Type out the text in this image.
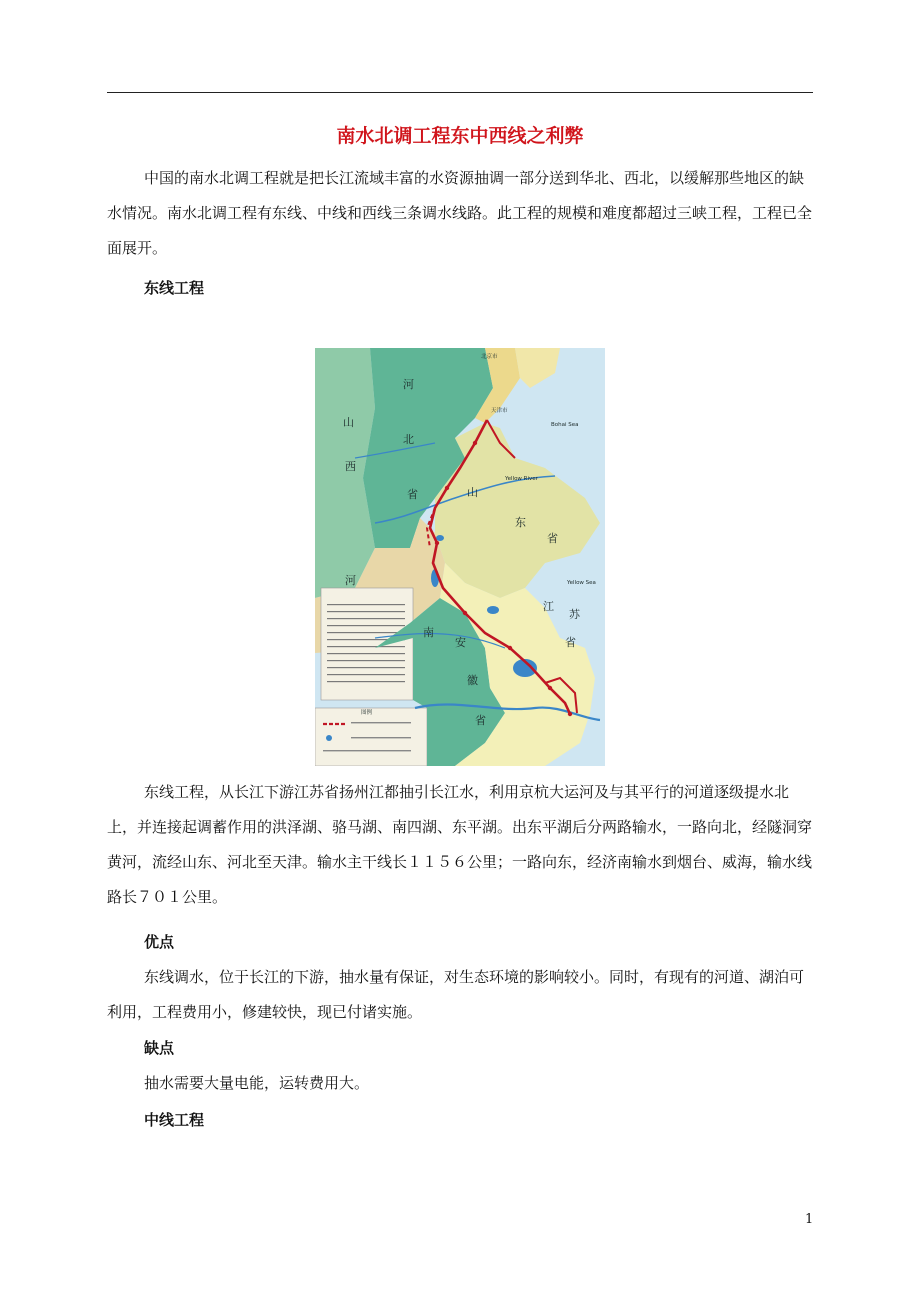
南水北调工程东中西线之利弊

中国的南水北调工程就是把长江流域丰富的水资源抽调一部分送到华北、西北，以缓解那些地区的缺水情况。南水北调工程有东线、中线和西线三条调水线路。此工程的规模和难度都超过三峡工程，工程已全面展开。

东线工程
河
北
省
山
西
山
东
省
河
南
安
徽
省
江
苏
省
北京市
天津市
Bohai Sea
Yellow Sea
Yellow River
图例

东线工程，从长江下游江苏省扬州江都抽引长江水，利用京杭大运河及与其平行的河道逐级提水北上，并连接起调蓄作用的洪泽湖、骆马湖、南四湖、东平湖。出东平湖后分两路输水，一路向北，经隧洞穿黄河，流经山东、河北至天津。输水主干线长１１５６公里；一路向东，经济南输水到烟台、威海，输水线路长７０１公里。

优点

东线调水，位于长江的下游，抽水量有保证，对生态环境的影响较小。同时，有现有的河道、湖泊可利用，工程费用小，修建较快，现已付诸实施。

缺点

抽水需要大量电能，运转费用大。

中线工程
1
